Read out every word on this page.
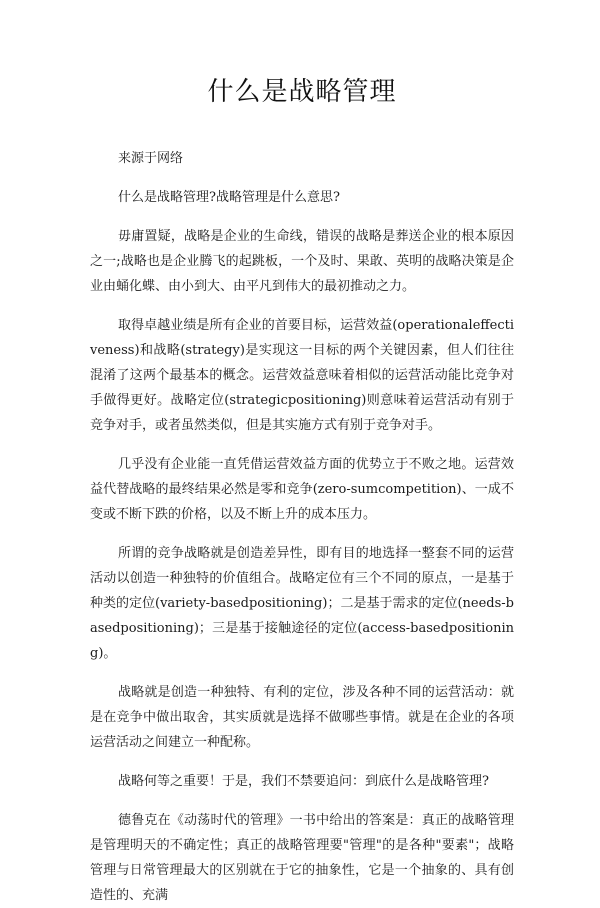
什么是战略管理

来源于网络

什么是战略管理?战略管理是什么意思?

毋庸置疑，战略是企业的生命线，错误的战略是葬送企业的根本原因之一;战略也是企业腾飞的起跳板，一个及时、果敢、英明的战略决策是企业由蛹化蝶、由小到大、由平凡到伟大的最初推动之力。

取得卓越业绩是所有企业的首要目标，运营效益(operationaleffectiveness)和战略(strategy)是实现这一目标的两个关键因素，但人们往往混淆了这两个最基本的概念。运营效益意味着相似的运营活动能比竞争对手做得更好。战略定位(strategicpositioning)则意味着运营活动有别于竞争对手，或者虽然类似，但是其实施方式有别于竞争对手。

几乎没有企业能一直凭借运营效益方面的优势立于不败之地。运营效益代替战略的最终结果必然是零和竞争(zero-sumcompetition)、一成不变或不断下跌的价格，以及不断上升的成本压力。

所谓的竞争战略就是创造差异性，即有目的地选择一整套不同的运营活动以创造一种独特的价值组合。战略定位有三个不同的原点，一是基于种类的定位(variety-basedpositioning)；二是基于需求的定位(needs-basedpositioning)；三是基于接触途径的定位(access-basedpositioning)。

战略就是创造一种独特、有利的定位，涉及各种不同的运营活动：就是在竞争中做出取舍，其实质就是选择不做哪些事情。就是在企业的各项运营活动之间建立一种配称。

战略何等之重要！于是，我们不禁要追问：到底什么是战略管理?

德鲁克在《动荡时代的管理》一书中给出的答案是：真正的战略管理是管理明天的不确定性；真正的战略管理要"管理"的是各种"要素"；战略管理与日常管理最大的区别就在于它的抽象性，它是一个抽象的、具有创造性的、充满
